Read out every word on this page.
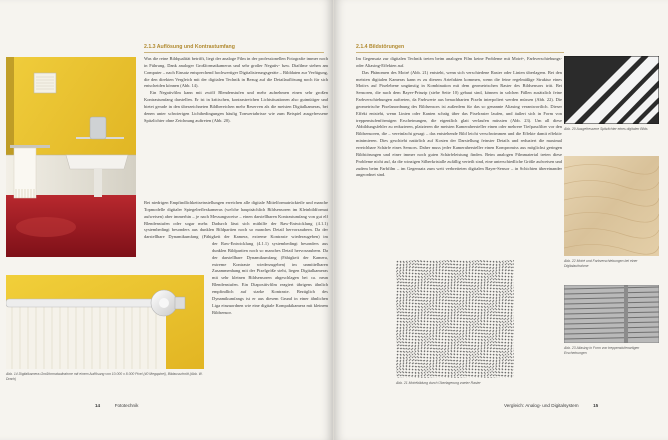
2.1.3 Auflösung und Kontrastumfang

Was die reine Bildqualität betrifft, liegt der analoge Film in der professionellen Fotografie immer noch in Führung. Dank analoger Großformatkameras und sehr großer Negativ- bzw. Diafilme stehen am Computer – nach Einsatz entsprechend hochwertiger Digitalisierungsgeräte – Bilddaten zur Verfügung, die den direkten Vergleich mit der digitalen Technik in Bezug auf die Detailauflösung noch für sich entscheiden können (Abb. 14).

Ein Negativfilm kann mit zwölf Blendenstufen und mehr aufnehmen einen sehr großen Kontrastumfang darstellen. Er ist in kritischen, kontrastreichen Lichtsituationen also gutmütiger und bietet gerade in den überzeichneten Bildbereichen mehr Reserven als die meisten Digitalkameras, bei denen unter schwierigen Lichtbedingungen häufig Tonwertabrisse wie zum Beispiel ausgefressene Spitzlichter ohne Zeichnung auftreten (Abb. 20).

Bei niedrigen Empfindlichkeitseinstellungen erreichen alle digitale Mittelformatrückteile und manche Topmodelle digitaler Spiegelreflexkameras (welche hauptsächlich Bildsensoren im Kleinbildformat aufweisen) aber immerhin – je nach Messungsweise – einen darstellbaren Kontrastumfang von gut elf Blendenstufen oder sogar mehr. Dadurch lässt sich mithilfe der Raw-Entwicklung (4.1.1) systembedingt besonders aus dunklen Bildpartien noch so manches Detail hervorzaubern. Da der darstellbare Dynamikumfang (Fähigkeit der Kamera, extreme Kontraste wiederzugeben) im

der Raw-Entwicklung (4.1.1) systembedingt besonders aus dunklen Bildpartien noch so manches Detail hervorzaubern. Da der darstellbare Dynamikumfang (Fähigkeit der Kamera, extreme Kontraste wiederzugeben) im unmittelbaren Zusammenhang mit der Pixelgröße steht, liegen Digitalkameras mit sehr kleinen Bildsensoren abgeschlagen bei ca. neun Blendenstufen. Ein Diapositivfilm reagiert übrigens ähnlich empfindlich auf starke Kontraste. Bezüglich des Dynamikumfangs ist er aus diesem Grund in einer ähnlichen Liga einzuordnen wie eine digitale Kompaktkamera mit kleinem Bildsensor.

Abb. 14 Digitalkamera-Großformataufnahme mit einem Auflösung von 10.000 x 8.000 Pixel (40 Megapixel), Bildausschnitt (Abb. W. Drach)
14	Fototechnik
2.1.4 Bildstörungen

Im Gegensatz zur digitalen Technik treten beim analogen Film keine Probleme mit Moiré-, Farbverschiebungs- oder Aliasing-Effekten auf.

Das Phänomen des Moiré (Abb. 21) entsteht, wenn sich verschiedene Raster oder Linien überlagern. Bei den meisten digitalen Kameras kann es zu diesem Artefakten kommen, wenn die feine regelmäßige Struktur eines Motivs auf Pixelebene ungünstig in Kombination mit dem geometrischen Raster des Bildsensors tritt. Bei Sensoren, die nach dem Bayer-Prinzip (siehe Seite 10) gebaut sind, können in solchen Fällen zusätzlich feine Farbverschiebungen auftreten, da Farbwerte aus benachbarten Pixeln interpoliert werden müssen (Abb. 22). Die geometrische Pixelanordnung des Bildsensors ist außerdem für das so genannte Aliasing verantwortlich. Dieser Effekt entsteht, wenn Linien oder Kanten schräg über das Pixelraster laufen, und äußert sich in Form von treppenstufenförmigen Erscheinungen, die eigentlich glatt verlaufen müssten (Abb. 23). Um all diese Abbildungsfehler zu reduzieren, platzieren die meisten Kamerahersteller einen oder mehrere Tiefpassfilter vor den Bildsensoren, die – vereinfacht gesagt – das entstehende Bild leicht verschwimmen und die Effekte damit effektiv minimieren. Dies geschieht natürlich auf Kosten der Darstellung feinster Details und reduziert die maximal erreichbare Schärfe eines Sensors. Daher muss jeder Kamerahersteller einen Kompromiss aus möglichst geringen Bildstörungen und einer immer noch guten Schärfeleistung finden. Beim analogen Filmmaterial treten diese Probleme nicht auf, da die winzigen Silberkristalle zufällig verteilt sind, eine unterschiedliche Größe aufweisen und zudem beim Farbfilm – im Gegensatz zum weit verbreiteten digitalen Bayer-Sensor – in Schichten übereinander angeordnet sind.

Abb. 21 Moirébildung durch Überlagerung zweier Raster
Abb. 20 Ausgefressene Spitzlichter eines digitalen Bilds
Abb. 22 Moiré und Farbverschiebungen bei einer Digitalaufnahme
Abb. 23 Aliasing in Form von treppenstufenartigen Erscheinungen
Vergleich: Analog- und Digitalsystem	15
